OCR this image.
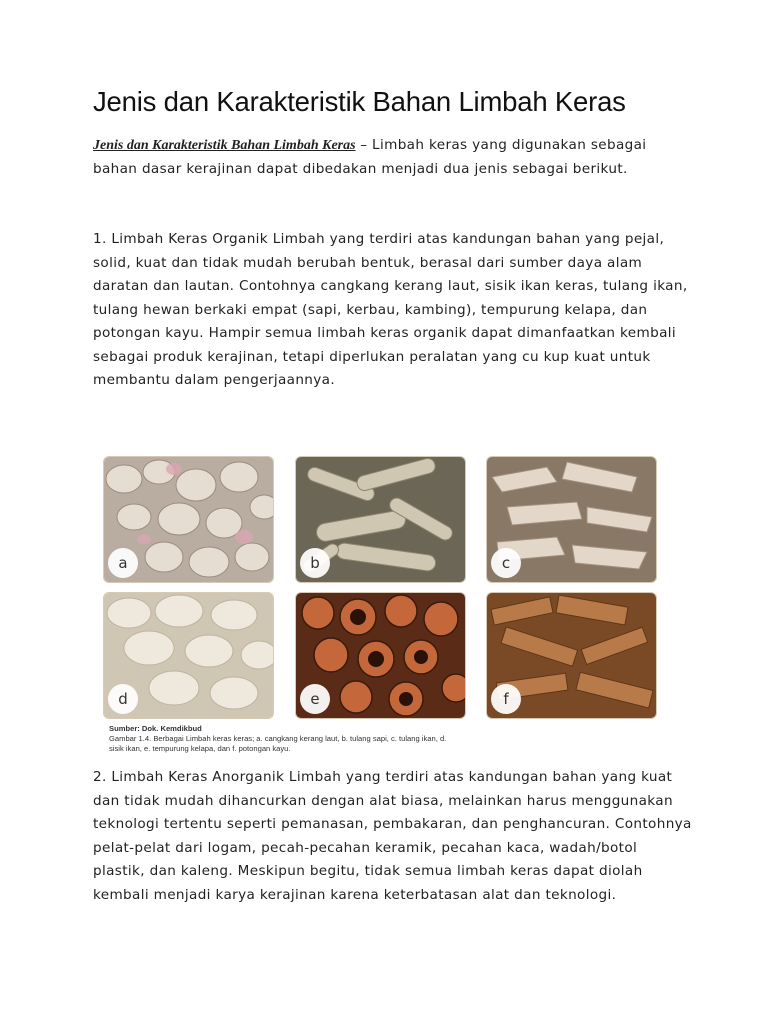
Jenis dan Karakteristik Bahan Limbah Keras

Jenis dan Karakteristik Bahan Limbah Keras – Limbah keras yang digunakan sebagai bahan dasar kerajinan dapat dibedakan menjadi dua jenis sebagai berikut.

1. Limbah Keras Organik Limbah yang terdiri atas kandungan bahan yang pejal, solid, kuat dan tidak mudah berubah bentuk, berasal dari sumber daya alam daratan dan lautan. Contohnya cangkang kerang laut, sisik ikan keras, tulang ikan, tulang hewan berkaki empat (sapi, kerbau, kambing), tempurung kelapa, dan potongan kayu. Hampir semua limbah keras organik dapat dimanfaatkan kembali sebagai produk kerajinan, tetapi diperlukan peralatan yang cu kup kuat untuk membantu dalam pengerjaannya.

a	b	c
d	e	f
Sumber: Dok. Kemdikbud
Gambar 1.4. Berbagai Limbah keras keras; a. cangkang kerang laut, b. tulang sapi, c. tulang ikan, d.
sisik ikan, e. tempurung kelapa, dan f. potongan kayu.

2. Limbah Keras Anorganik Limbah yang terdiri atas kandungan bahan yang kuat dan tidak mudah dihancurkan dengan alat biasa, melainkan harus menggunakan teknologi tertentu seperti pemanasan, pembakaran, dan penghancuran. Contohnya pelat-pelat dari logam, pecah-pecahan keramik, pecahan kaca, wadah/botol plastik, dan kaleng. Meskipun begitu, tidak semua limbah keras dapat diolah kembali menjadi karya kerajinan karena keterbatasan alat dan teknologi.
